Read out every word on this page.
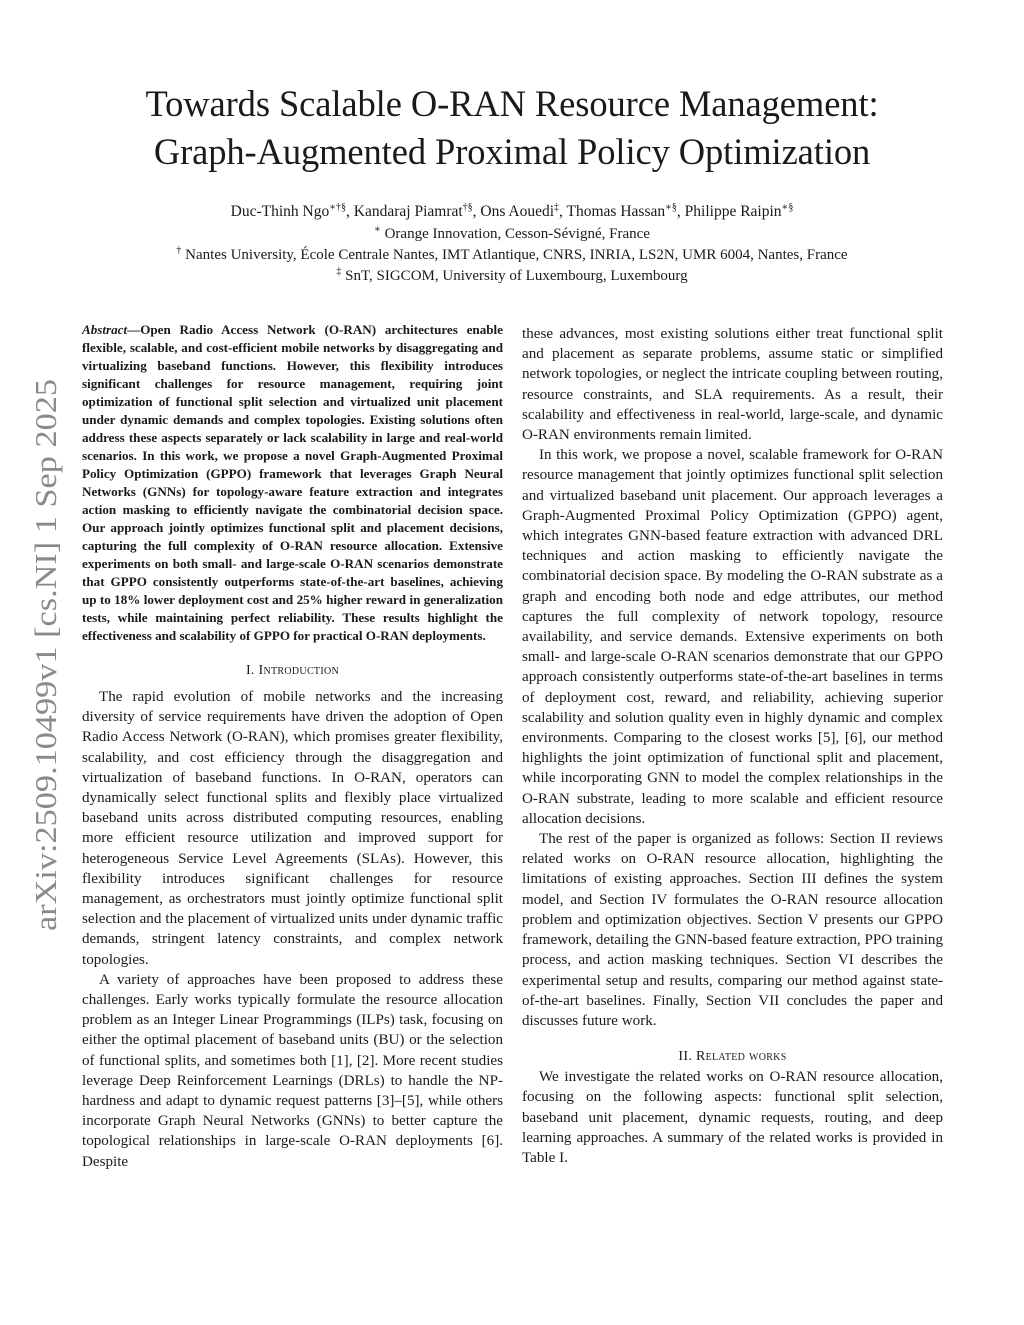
arXiv:2509.10499v1 [cs.NI] 1 Sep 2025
Towards Scalable O-RAN Resource Management:
Graph-Augmented Proximal Policy Optimization
Duc-Thinh Ngo∗†§, Kandaraj Piamrat†§, Ons Aouedi‡, Thomas Hassan∗§, Philippe Raipin∗§
∗ Orange Innovation, Cesson-Sévigné, France
† Nantes University, École Centrale Nantes, IMT Atlantique, CNRS, INRIA, LS2N, UMR 6004, Nantes, France
‡ SnT, SIGCOM, University of Luxembourg, Luxembourg
Abstract—Open Radio Access Network (O-RAN) architectures enable flexible, scalable, and cost-efficient mobile networks by disaggregating and virtualizing baseband functions. However, this flexibility introduces significant challenges for resource management, requiring joint optimization of functional split selection and virtualized unit placement under dynamic demands and complex topologies. Existing solutions often address these aspects separately or lack scalability in large and real-world scenarios. In this work, we propose a novel Graph-Augmented Proximal Policy Optimization (GPPO) framework that leverages Graph Neural Networks (GNNs) for topology-aware feature extraction and integrates action masking to efficiently navigate the combinatorial decision space. Our approach jointly optimizes functional split and placement decisions, capturing the full complexity of O-RAN resource allocation. Extensive experiments on both small- and large-scale O-RAN scenarios demonstrate that GPPO consistently outperforms state-of-the-art baselines, achieving up to 18% lower deployment cost and 25% higher reward in generalization tests, while maintaining perfect reliability. These results highlight the effectiveness and scalability of GPPO for practical O-RAN deployments.
I. Introduction

The rapid evolution of mobile networks and the increasing diversity of service requirements have driven the adoption of Open Radio Access Network (O-RAN), which promises greater flexibility, scalability, and cost efficiency through the disaggregation and virtualization of baseband functions. In O-RAN, operators can dynamically select functional splits and flexibly place virtualized baseband units across distributed computing resources, enabling more efficient resource utilization and improved support for heterogeneous Service Level Agreements (SLAs). However, this flexibility introduces significant challenges for resource management, as orchestrators must jointly optimize functional split selection and the placement of virtualized units under dynamic traffic demands, stringent latency constraints, and complex network topologies.

A variety of approaches have been proposed to address these challenges. Early works typically formulate the resource allocation problem as an Integer Linear Programmings (ILPs) task, focusing on either the optimal placement of baseband units (BU) or the selection of functional splits, and sometimes both [1], [2]. More recent studies leverage Deep Reinforcement Learnings (DRLs) to handle the NP-hardness and adapt to dynamic request patterns [3]–[5], while others incorporate Graph Neural Networks (GNNs) to better capture the topological relationships in large-scale O-RAN deployments [6]. Despite

these advances, most existing solutions either treat functional split and placement as separate problems, assume static or simplified network topologies, or neglect the intricate coupling between routing, resource constraints, and SLA requirements. As a result, their scalability and effectiveness in real-world, large-scale, and dynamic O-RAN environments remain limited.

In this work, we propose a novel, scalable framework for O-RAN resource management that jointly optimizes functional split selection and virtualized baseband unit placement. Our approach leverages a Graph-Augmented Proximal Policy Optimization (GPPO) agent, which integrates GNN-based feature extraction with advanced DRL techniques and action masking to efficiently navigate the combinatorial decision space. By modeling the O-RAN substrate as a graph and encoding both node and edge attributes, our method captures the full complexity of network topology, resource availability, and service demands. Extensive experiments on both small- and large-scale O-RAN scenarios demonstrate that our GPPO approach consistently outperforms state-of-the-art baselines in terms of deployment cost, reward, and reliability, achieving superior scalability and solution quality even in highly dynamic and complex environments. Comparing to the closest works [5], [6], our method highlights the joint optimization of functional split and placement, while incorporating GNN to model the complex relationships in the O-RAN substrate, leading to more scalable and efficient resource allocation decisions.

The rest of the paper is organized as follows: Section II reviews related works on O-RAN resource allocation, highlighting the limitations of existing approaches. Section III defines the system model, and Section IV formulates the O-RAN resource allocation problem and optimization objectives. Section V presents our GPPO framework, detailing the GNN-based feature extraction, PPO training process, and action masking techniques. Section VI describes the experimental setup and results, comparing our method against state-of-the-art baselines. Finally, Section VII concludes the paper and discusses future work.

II. Related works

We investigate the related works on O-RAN resource allocation, focusing on the following aspects: functional split selection, baseband unit placement, dynamic requests, routing, and deep learning approaches. A summary of the related works is provided in Table I.
